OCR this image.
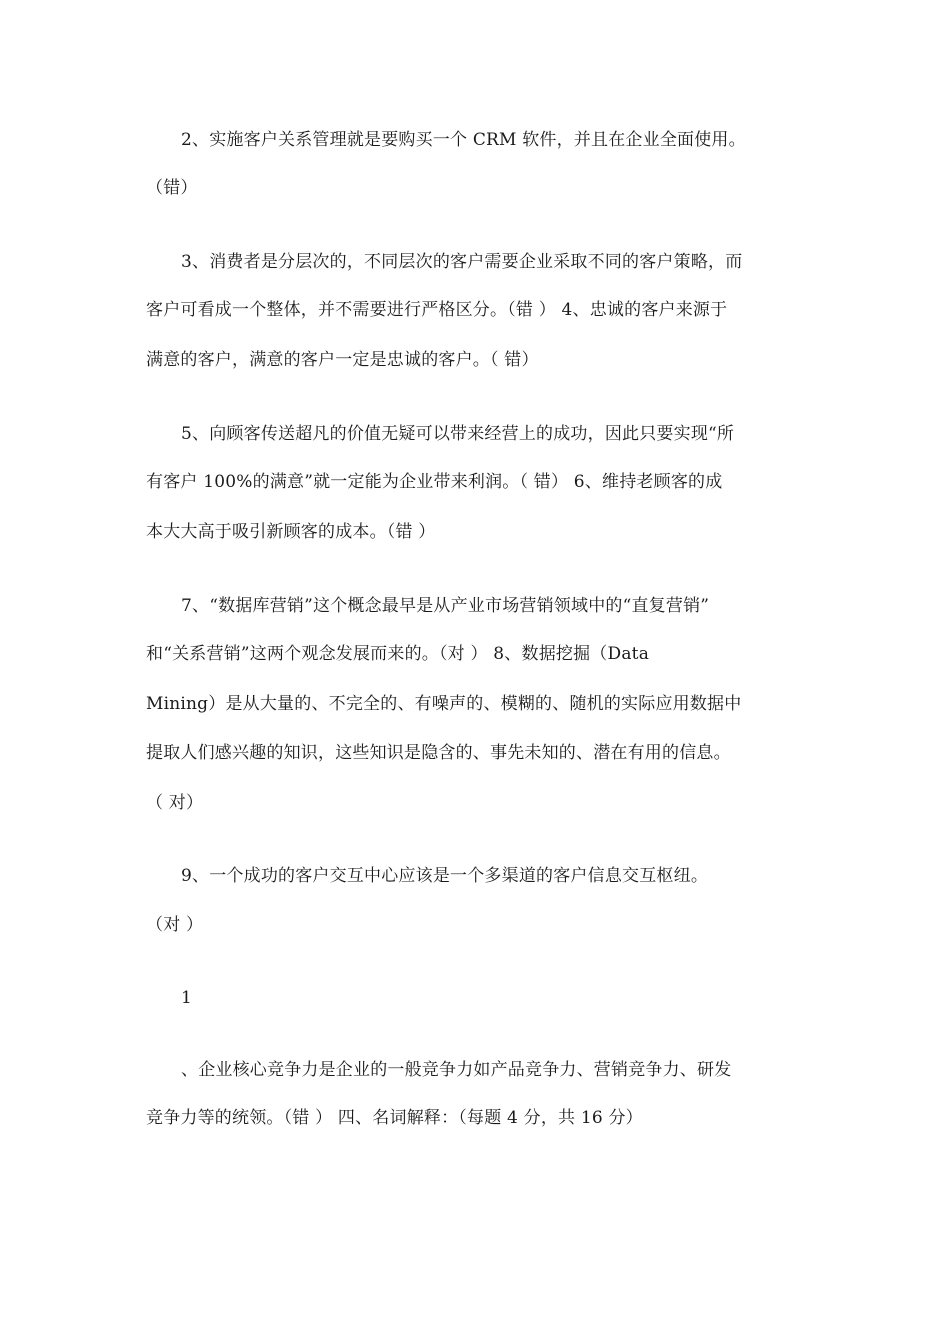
2、实施客户关系管理就是要购买一个 CRM 软件，并且在企业全面使用。
（错）
3、消费者是分层次的，不同层次的客户需要企业采取不同的客户策略，而
客户可看成一个整体，并不需要进行严格区分。（错 ） 4、忠诚的客户来源于
满意的客户，满意的客户一定是忠诚的客户。（ 错）
5、向顾客传送超凡的价值无疑可以带来经营上的成功，因此只要实现“所
有客户 100%的满意”就一定能为企业带来利润。（ 错） 6、维持老顾客的成
本大大高于吸引新顾客的成本。（错 ）
7、“数据库营销”这个概念最早是从产业市场营销领域中的“直复营销”
和“关系营销”这两个观念发展而来的。（对 ） 8、数据挖掘（Data
Mining）是从大量的、不完全的、有噪声的、模糊的、随机的实际应用数据中
提取人们感兴趣的知识，这些知识是隐含的、事先未知的、潜在有用的信息。
（ 对）
9、一个成功的客户交互中心应该是一个多渠道的客户信息交互枢纽。
（对 ）
1
、企业核心竞争力是企业的一般竞争力如产品竞争力、营销竞争力、研发
竞争力等的统领。（错 ） 四、名词解释：（每题 4 分，共 16 分）
